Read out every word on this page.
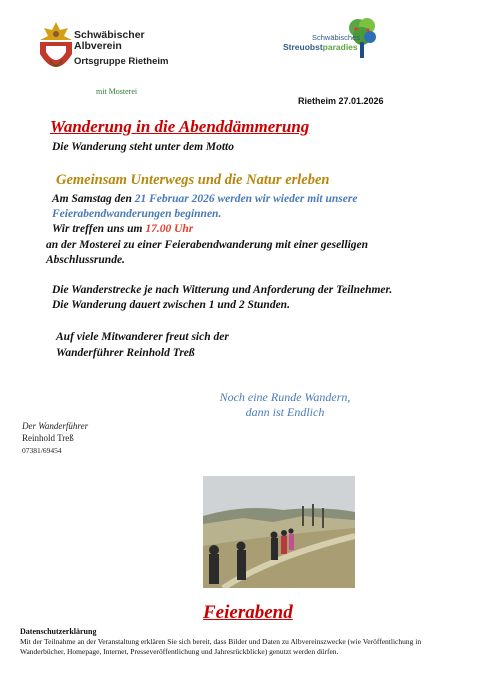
Schwäbischer
Albverein
Ortsgruppe Rietheim
mit Mosterei
Schwäbisches
Streuobstparadies
Rietheim 27.01.2026
Wanderung in die Abenddämmerung
Die Wanderung steht unter dem Motto
Gemeinsam Unterwegs und die Natur erleben
Am Samstag den 21 Februar 2026 werden wir wieder mit unsere
Feierabendwanderungen beginnen.
Wir treffen uns um 17.00 Uhr
an der Mosterei zu einer Feierabendwanderung mit einer geselligen
Abschlussrunde.
Die Wanderstrecke je nach Witterung und Anforderung der Teilnehmer.
Die Wanderung dauert zwischen 1 und 2 Stunden.
Auf viele Mitwanderer freut sich der
Wanderführer Reinhold Treß
Noch eine Runde Wandern,
dann ist Endlich
Der Wanderführer
Reinhold Treß
07381/69454
Feierabend
Datenschutzerklärung
Mit der Teilnahme an der Veranstaltung erklären Sie sich bereit, dass Bilder und Daten zu Albvereinszwecke (wie Veröffentlichung in Wanderbücher, Homepage, Internet, Presseveröffentlichung und Jahresrückblicke) genutzt werden dürfen.
